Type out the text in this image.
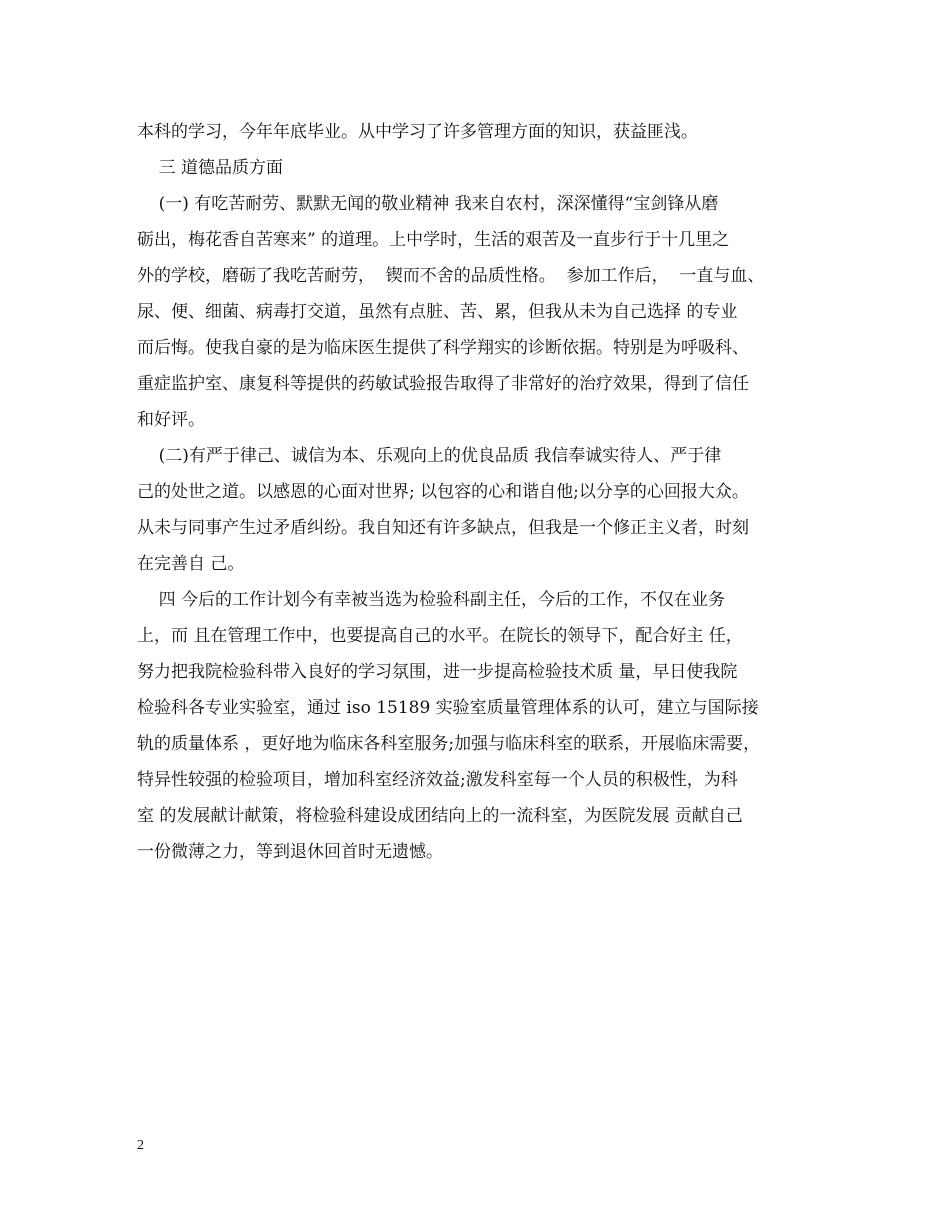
本科的学习，今年年底毕业。从中学习了许多管理方面的知识，获益匪浅。
三 道德品质方面
(一) 有吃苦耐劳、默默无闻的敬业精神 我来自农村，深深懂得“宝剑锋从磨
砺出，梅花香自苦寒来” 的道理。上中学时，生活的艰苦及一直步行于十几里之
外的学校，磨砺了我吃苦耐劳，  锲而不舍的品质性格。  参加工作后，  一直与血、
尿、便、细菌、病毒打交道，虽然有点脏、苦、累，但我从未为自己选择 的专业
而后悔。使我自豪的是为临床医生提供了科学翔实的诊断依据。特别是为呼吸科、
重症监护室、康复科等提供的药敏试验报告取得了非常好的治疗效果，得到了信任
和好评。
(二)有严于律己、诚信为本、乐观向上的优良品质 我信奉诚实待人、严于律
己的处世之道。以感恩的心面对世界; 以包容的心和谐自他;以分享的心回报大众。
从未与同事产生过矛盾纠纷。我自知还有许多缺点，但我是一个修正主义者，时刻
在完善自 己。
四 今后的工作计划今有幸被当选为检验科副主任，今后的工作，不仅在业务
上，而 且在管理工作中，也要提高自己的水平。在院长的领导下，配合好主 任，
努力把我院检验科带入良好的学习氛围，进一步提高检验技术质 量，早日使我院
检验科各专业实验室，通过 iso 15189 实验室质量管理体系的认可，建立与国际接
轨的质量体系 ，更好地为临床各科室服务;加强与临床科室的联系，开展临床需要，
特异性较强的检验项目，增加科室经济效益;激发科室每一个人员的积极性，为科
室 的发展献计献策，将检验科建设成团结向上的一流科室，为医院发展 贡献自己
一份微薄之力，等到退休回首时无遗憾。
2
